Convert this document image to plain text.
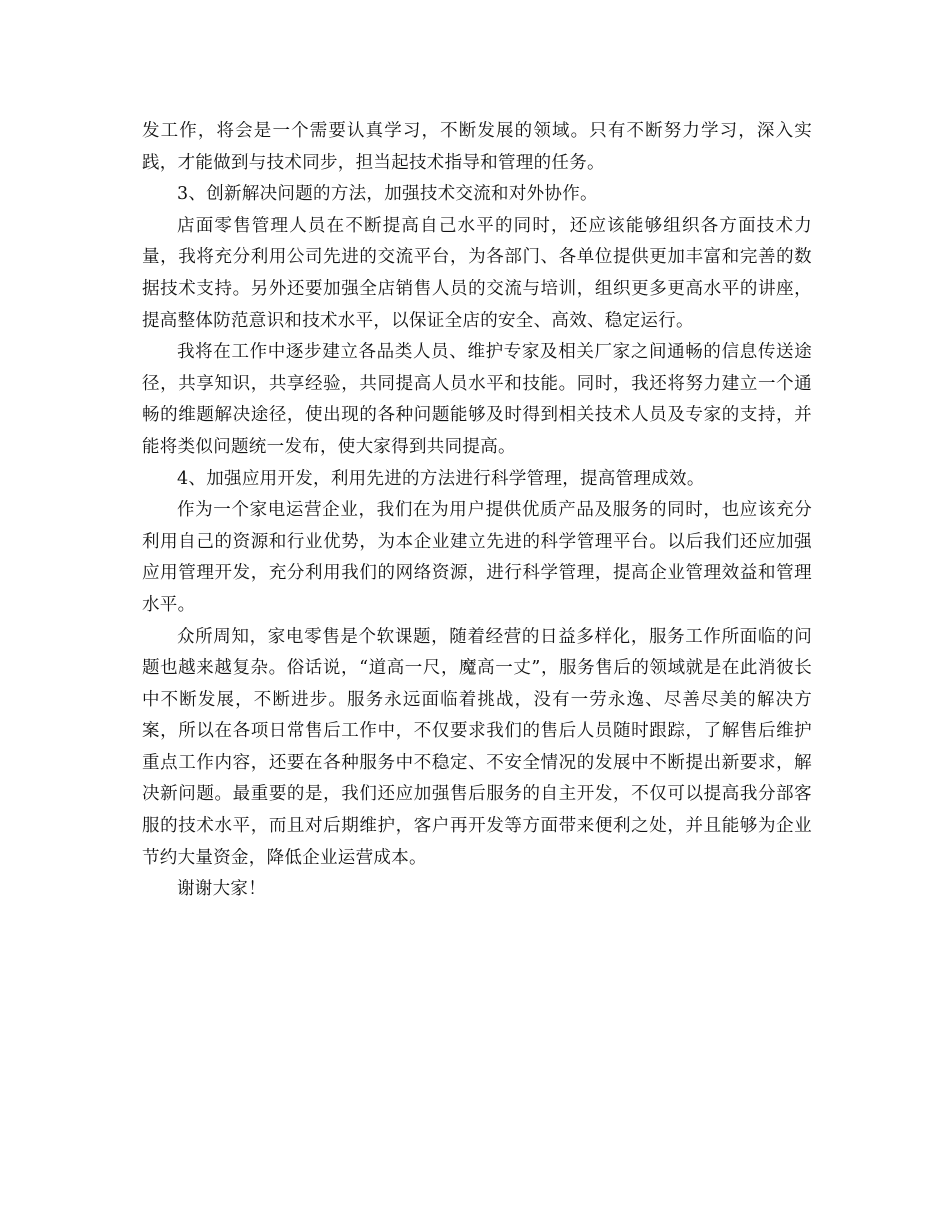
发工作，将会是一个需要认真学习，不断发展的领域。只有不断努力学习，深入实践，才能做到与技术同步，担当起技术指导和管理的任务。

3、创新解决问题的方法，加强技术交流和对外协作。

店面零售管理人员在不断提高自己水平的同时，还应该能够组织各方面技术力量，我将充分利用公司先进的交流平台，为各部门、各单位提供更加丰富和完善的数据技术支持。另外还要加强全店销售人员的交流与培训，组织更多更高水平的讲座，提高整体防范意识和技术水平，以保证全店的安全、高效、稳定运行。

我将在工作中逐步建立各品类人员、维护专家及相关厂家之间通畅的信息传送途径，共享知识，共享经验，共同提高人员水平和技能。同时，我还将努力建立一个通畅的维题解决途径，使出现的各种问题能够及时得到相关技术人员及专家的支持，并能将类似问题统一发布，使大家得到共同提高。

4、加强应用开发，利用先进的方法进行科学管理，提高管理成效。

作为一个家电运营企业，我们在为用户提供优质产品及服务的同时，也应该充分利用自己的资源和行业优势，为本企业建立先进的科学管理平台。以后我们还应加强应用管理开发，充分利用我们的网络资源，进行科学管理，提高企业管理效益和管理水平。

众所周知，家电零售是个软课题，随着经营的日益多样化，服务工作所面临的问题也越来越复杂。俗话说，“道高一尺，魔高一丈”，服务售后的领域就是在此消彼长中不断发展，不断进步。服务永远面临着挑战，没有一劳永逸、尽善尽美的解决方案，所以在各项日常售后工作中，不仅要求我们的售后人员随时跟踪，了解售后维护重点工作内容，还要在各种服务中不稳定、不安全情况的发展中不断提出新要求，解决新问题。最重要的是，我们还应加强售后服务的自主开发，不仅可以提高我分部客服的技术水平，而且对后期维护，客户再开发等方面带来便利之处，并且能够为企业节约大量资金，降低企业运营成本。

谢谢大家！
